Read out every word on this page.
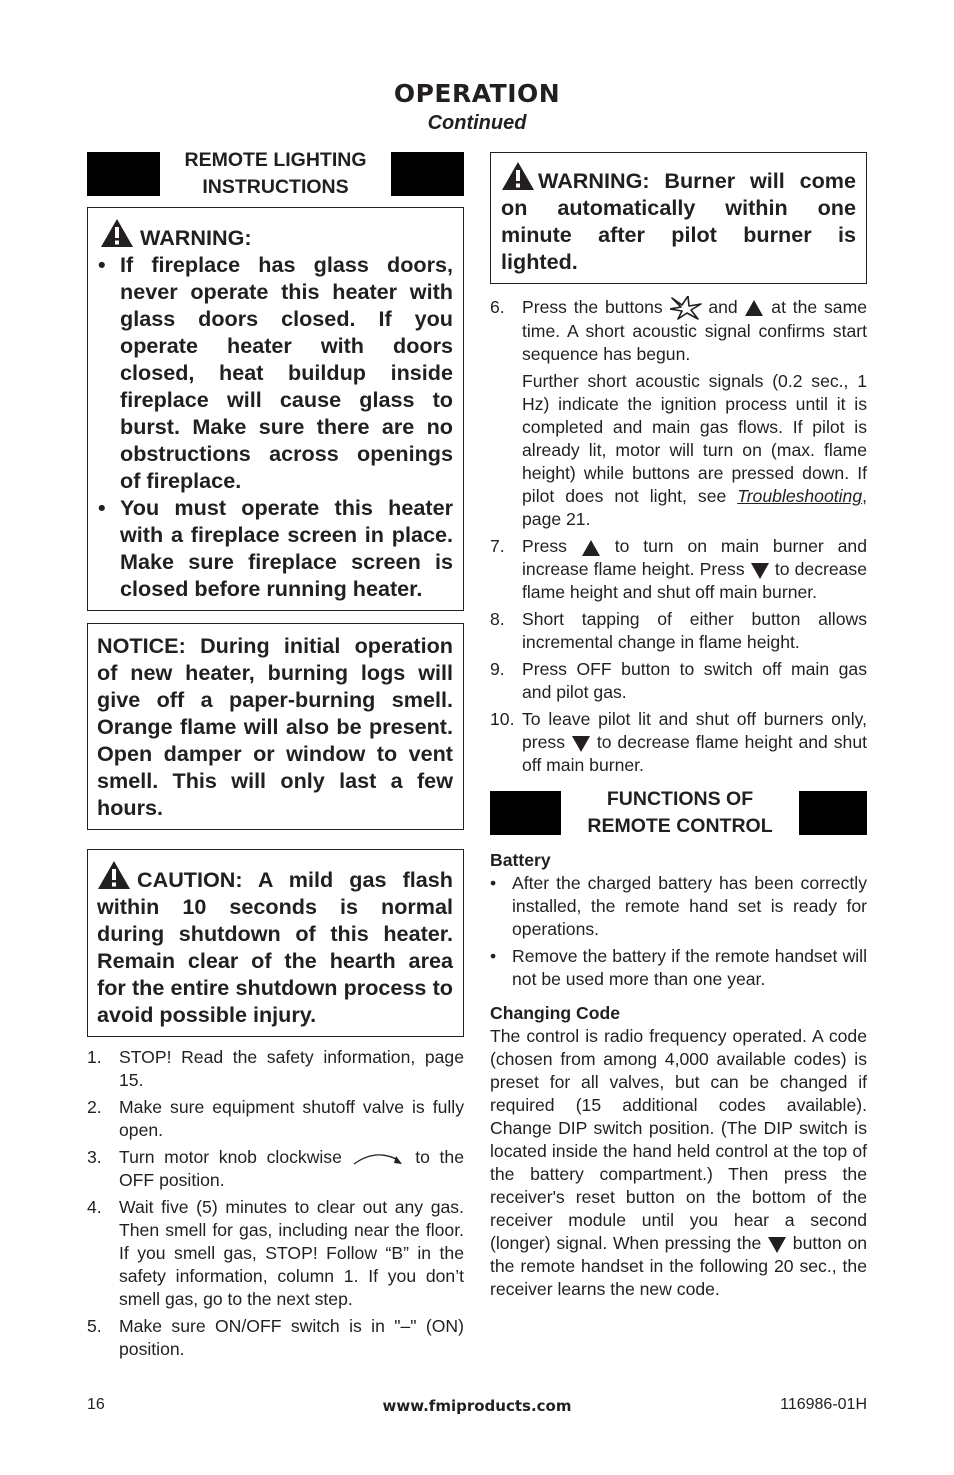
OPERATION
Continued
REMOTE LIGHTING
INSTRUCTIONS

WARNING:

• If fireplace has glass doors, never operate this heater with glass doors closed. If you operate heater with doors closed, heat buildup inside fireplace will cause glass to burst. Make sure there are no obstructions across openings of fireplace.
• You must operate this heater with a fireplace screen in place. Make sure fireplace screen is closed before running heater.

NOTICE: During initial operation of new heater, burning logs will give off a paper-burning smell. Orange flame will also be present. Open damper or window to vent smell. This will only last a few hours.

CAUTION: A mild gas flash within 10 seconds is normal during shutdown of this heater. Remain clear of the hearth area for the entire shutdown process to avoid possible injury.

1. STOP! Read the safety information, page 15.

2. Make sure equipment shutoff valve is fully open.

3. Turn motor knob clockwise	to the OFF position.

4. Wait five (5) minutes to clear out any gas. Then smell for gas, including near the floor. If you smell gas, STOP! Follow “B” in the safety information, column 1. If you don’t smell gas, go to the next step.

5. Make sure ON/OFF switch is in "–" (ON) position.

WARNING: Burner will come on automatically within one minute after pilot burner is lighted.

6. Press the buttons	and at the same time. A short acoustic signal confirms start sequence has begun.

Further short acoustic signals (0.2 sec., 1 Hz) indicate the ignition process until it is completed and main gas flows. If pilot is already lit, motor will turn on (max. flame height) while buttons are pressed down. If pilot does not light, see Troubleshooting, page 21.

7. Press	to turn on main burner and increase flame height. Press to decrease flame height and shut off main burner.

8. Short tapping of either button allows incremental change in flame height.

9. Press OFF button to switch off main gas and pilot gas.

10. To leave pilot lit and shut off burners only, press to decrease flame height and shut off main burner.

FUNCTIONS OF
REMOTE CONTROL
Battery
• After the charged battery has been correctly installed, the remote hand set is ready for operations.
• Remove the battery if the remote handset will not be used more than one year.
Changing Code

The control is radio frequency operated. A code (chosen from among 4,000 available codes) is preset for all valves, but can be changed if required (15 additional codes available). Change DIP switch position. (The DIP switch is located inside the hand held control at the top of the battery compartment.) Then press the receiver's reset button on the bottom of the receiver module until you hear a second (longer) signal. When pressing the button on the remote handset in the following 20 sec., the receiver learns the new code.

16	www.fmiproducts.com	116986-01H
